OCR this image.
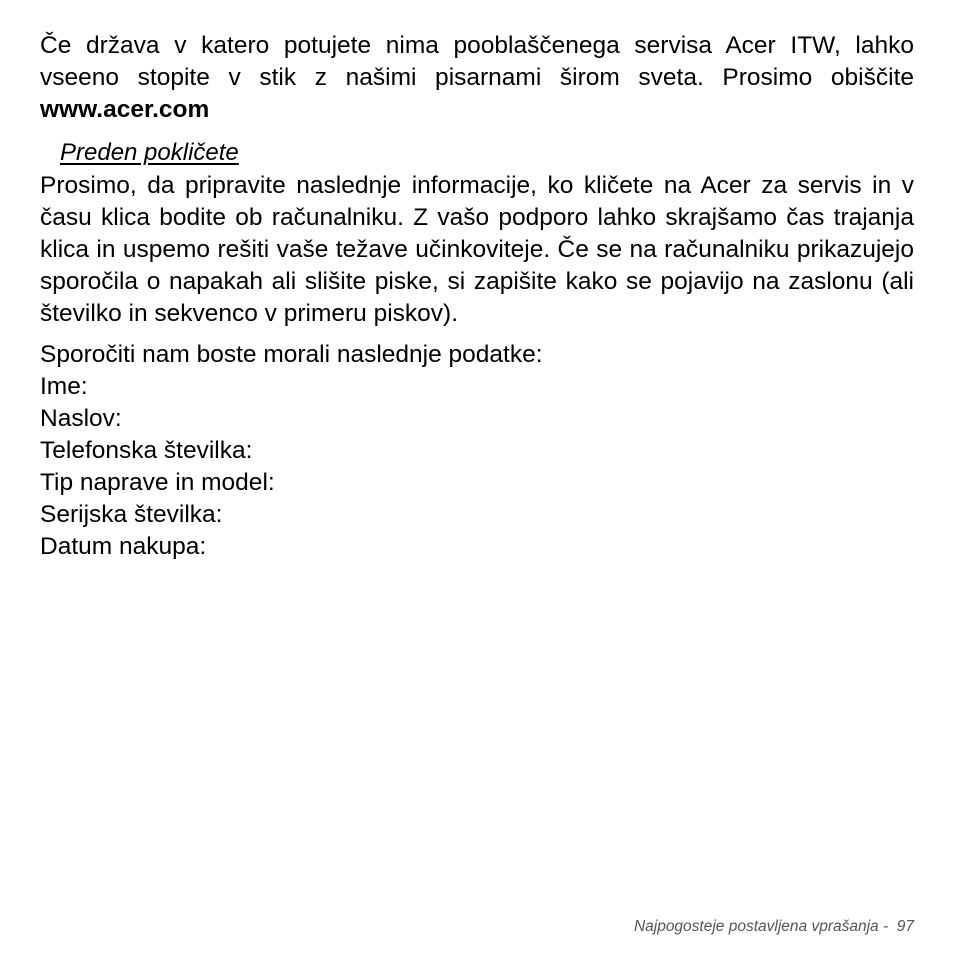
Če država v katero potujete nima pooblaščenega servisa Acer ITW, lahko vseeno stopite v stik z našimi pisarnami širom sveta. Prosimo obiščite www.acer.com

Preden pokličete

Prosimo, da pripravite naslednje informacije, ko kličete na Acer za servis in v času klica bodite ob računalniku. Z vašo podporo lahko skrajšamo čas trajanja klica in uspemo rešiti vaše težave učinkoviteje. Če se na računalniku prikazujejo sporočila o napakah ali slišite piske, si zapišite kako se pojavijo na zaslonu (ali številko in sekvenco v primeru piskov).

Sporočiti nam boste morali naslednje podatke:

Ime:
Naslov:
Telefonska številka:
Tip naprave in model:
Serijska številka:
Datum nakupa:
Najpogosteje postavljena vprašanja - 97
